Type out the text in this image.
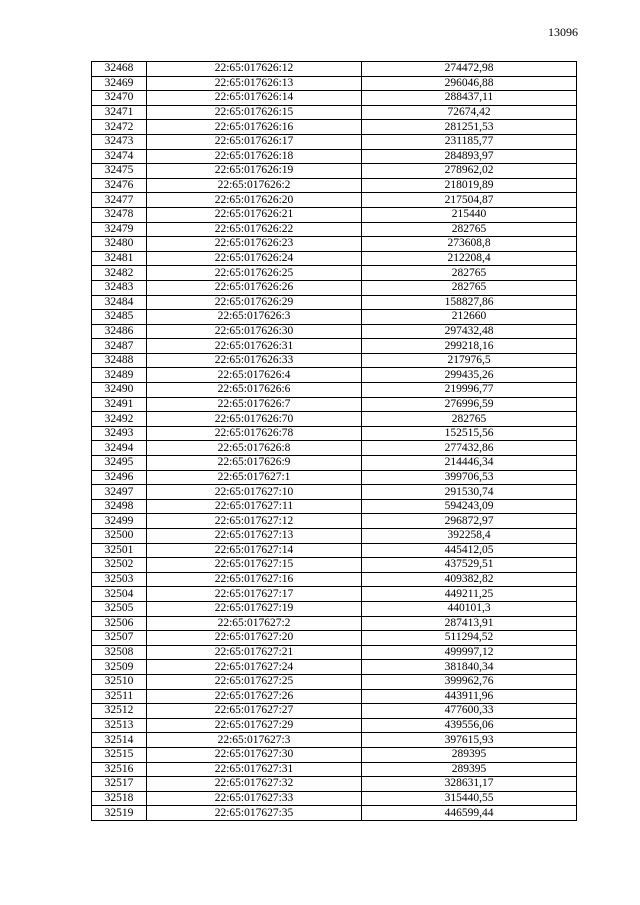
13096
32468	22:65:017626:12	274472,98
32469	22:65:017626:13	296046,88
32470	22:65:017626:14	288437,11
32471	22:65:017626:15	72674,42
32472	22:65:017626:16	281251,53
32473	22:65:017626:17	231185,77
32474	22:65:017626:18	284893,97
32475	22:65:017626:19	278962,02
32476	22:65:017626:2	218019,89
32477	22:65:017626:20	217504,87
32478	22:65:017626:21	215440
32479	22:65:017626:22	282765
32480	22:65:017626:23	273608,8
32481	22:65:017626:24	212208,4
32482	22:65:017626:25	282765
32483	22:65:017626:26	282765
32484	22:65:017626:29	158827,86
32485	22:65:017626:3	212660
32486	22:65:017626:30	297432,48
32487	22:65:017626:31	299218,16
32488	22:65:017626:33	217976,5
32489	22:65:017626:4	299435,26
32490	22:65:017626:6	219996,77
32491	22:65:017626:7	276996,59
32492	22:65:017626:70	282765
32493	22:65:017626:78	152515,56
32494	22:65:017626:8	277432,86
32495	22:65:017626:9	214446,34
32496	22:65:017627:1	399706,53
32497	22:65:017627:10	291530,74
32498	22:65:017627:11	594243,09
32499	22:65:017627:12	296872,97
32500	22:65:017627:13	392258,4
32501	22:65:017627:14	445412,05
32502	22:65:017627:15	437529,51
32503	22:65:017627:16	409382,82
32504	22:65:017627:17	449211,25
32505	22:65:017627:19	440101,3
32506	22:65:017627:2	287413,91
32507	22:65:017627:20	511294,52
32508	22:65:017627:21	499997,12
32509	22:65:017627:24	381840,34
32510	22:65:017627:25	399962,76
32511	22:65:017627:26	443911,96
32512	22:65:017627:27	477600,33
32513	22:65:017627:29	439556,06
32514	22:65:017627:3	397615,93
32515	22:65:017627:30	289395
32516	22:65:017627:31	289395
32517	22:65:017627:32	328631,17
32518	22:65:017627:33	315440,55
32519	22:65:017627:35	446599,44
